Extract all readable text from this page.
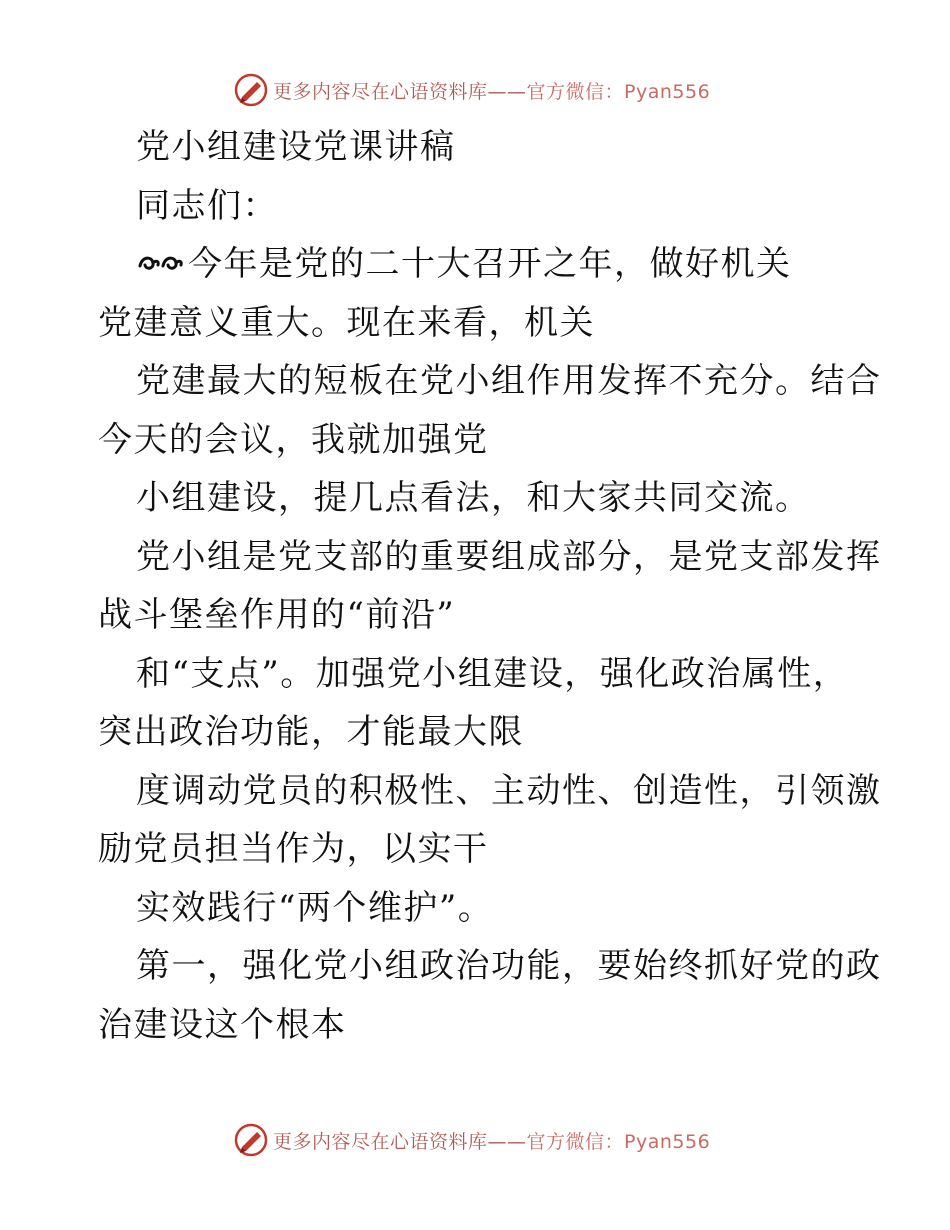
更多内容尽在心语资料库——官方微信：Pyan556
党小组建设党课讲稿
同志们：
今年是党的二十大召开之年，做好机关
党建意义重大。现在来看，机关
党建最大的短板在党小组作用发挥不充分。结合
今天的会议，我就加强党
小组建设，提几点看法，和大家共同交流。
党小组是党支部的重要组成部分，是党支部发挥
战斗堡垒作用的“前沿”
和“支点”。加强党小组建设，强化政治属性，
突出政治功能，才能最大限
度调动党员的积极性、主动性、创造性，引领激
励党员担当作为，以实干
实效践行“两个维护”。
第一，强化党小组政治功能，要始终抓好党的政
治建设这个根本
更多内容尽在心语资料库——官方微信：Pyan556
